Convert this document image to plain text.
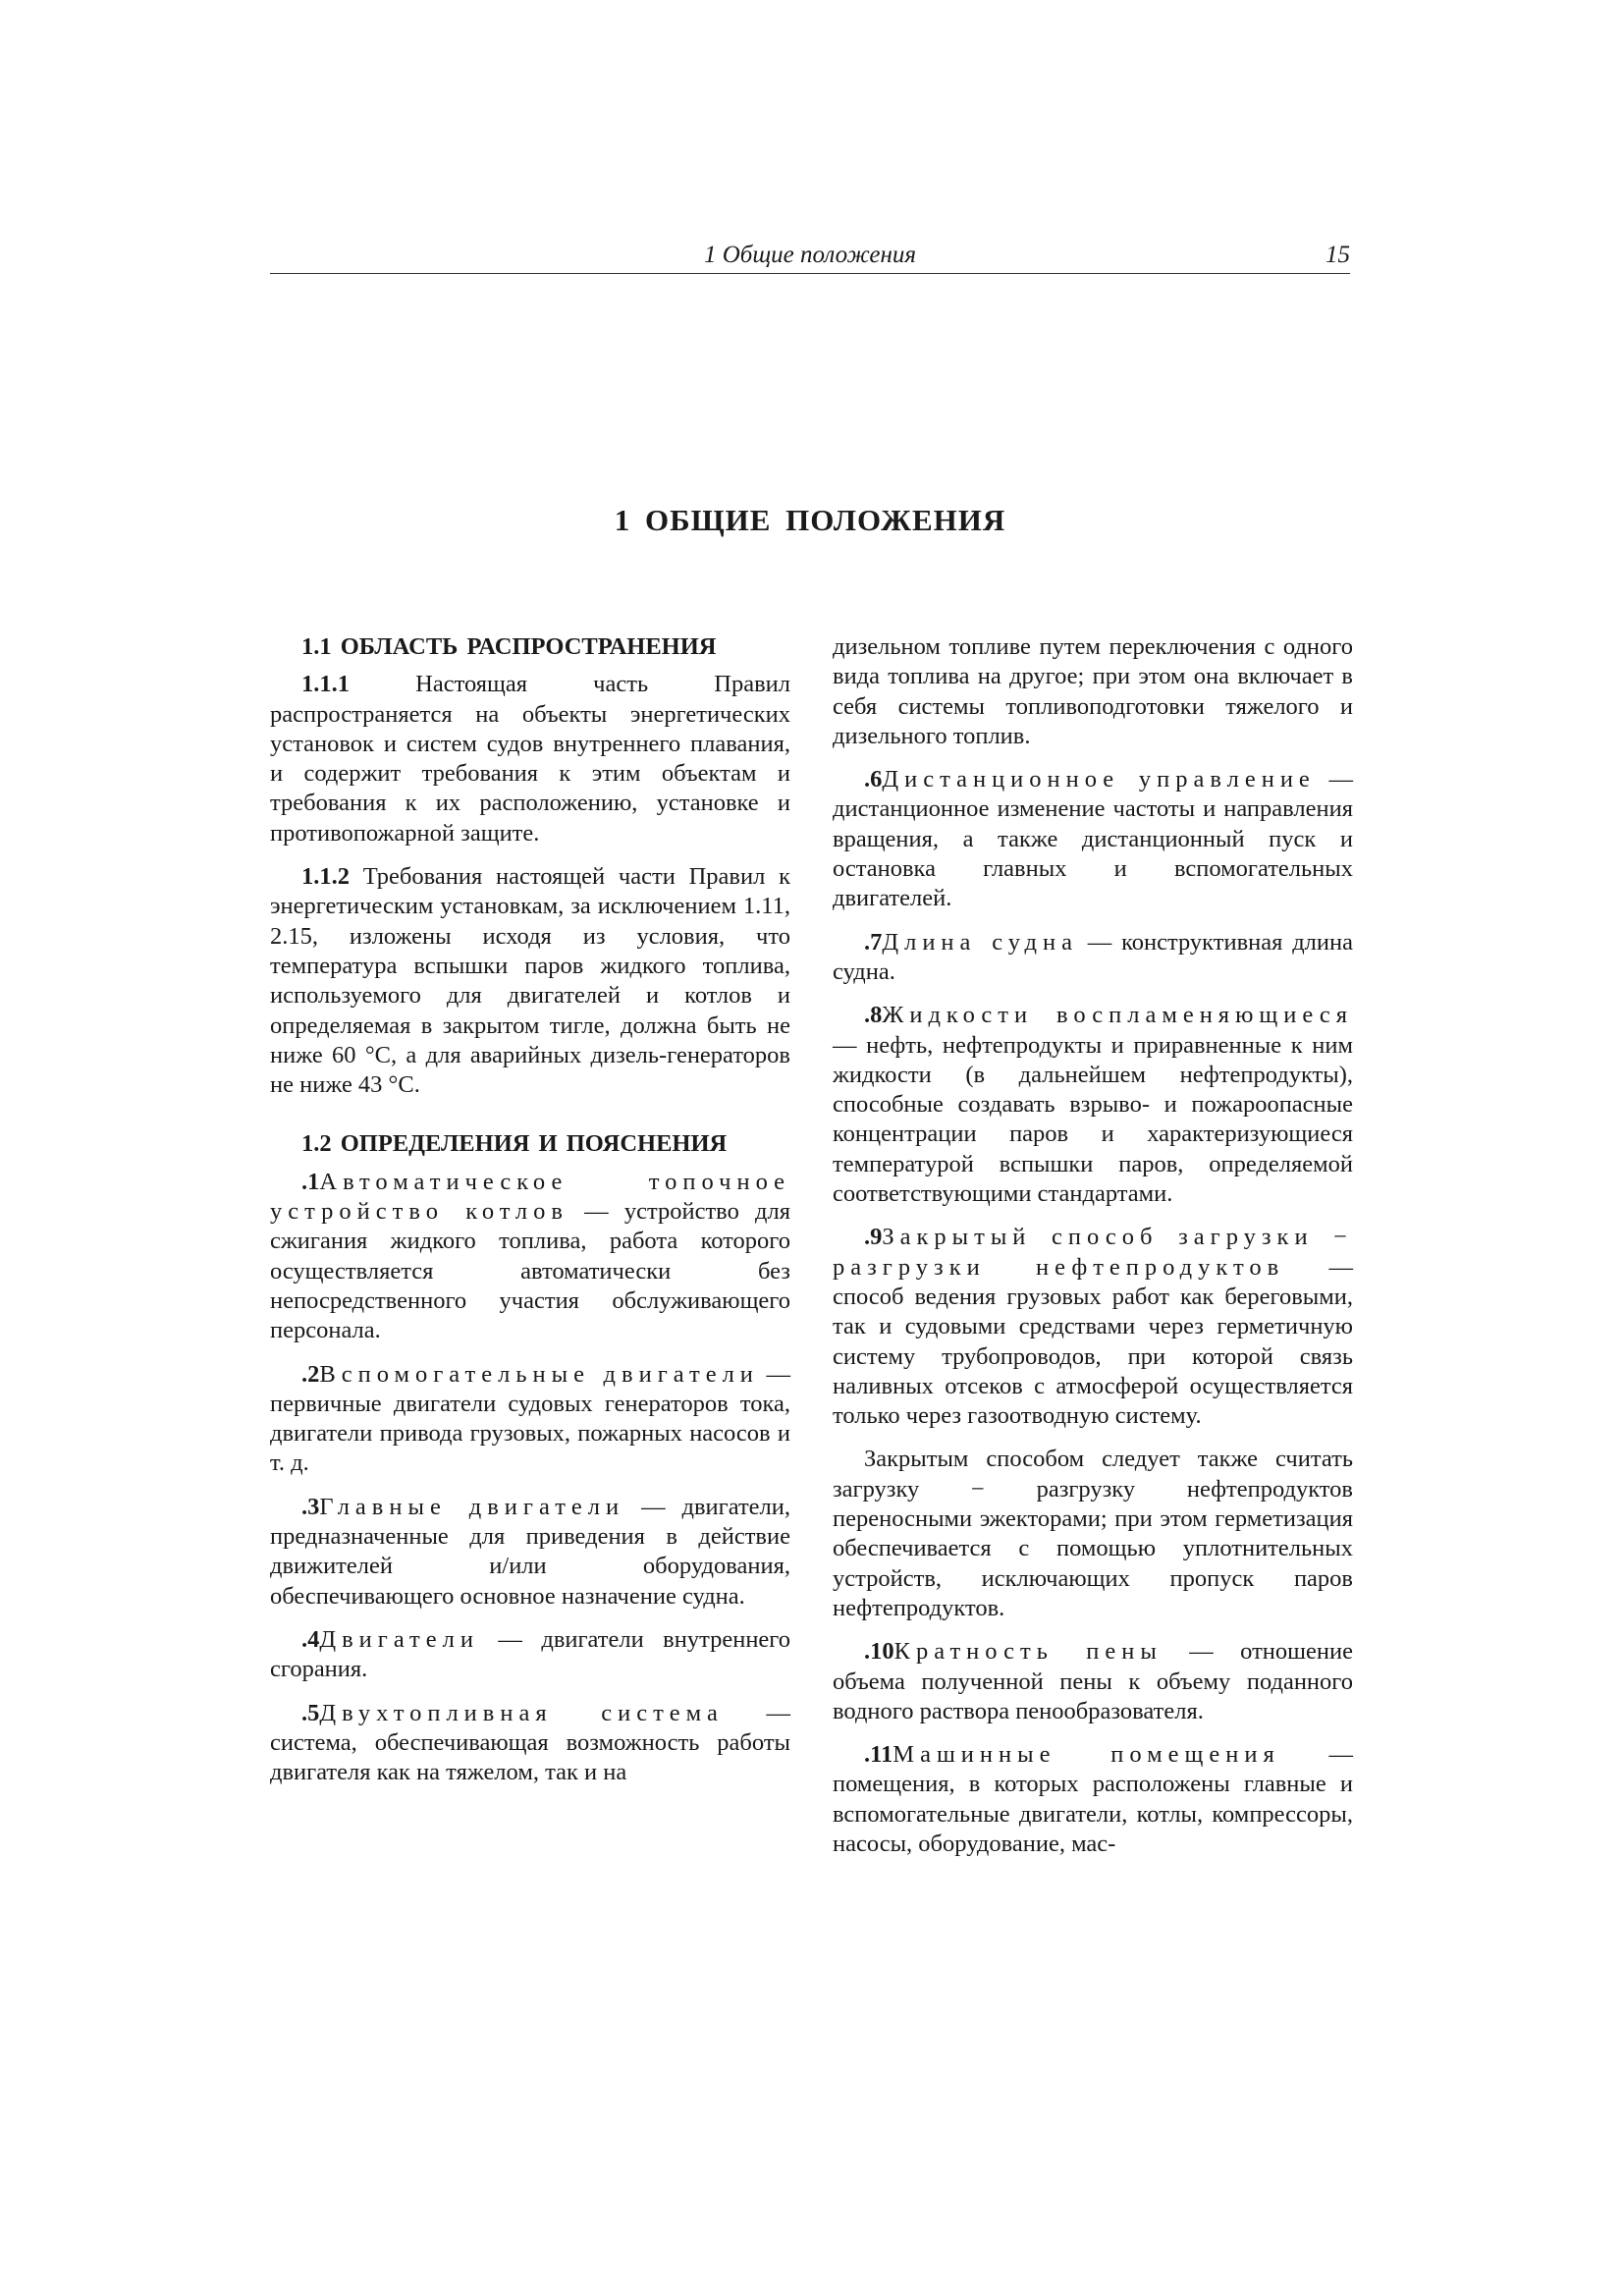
1 Общие положения	15
1 ОБЩИЕ ПОЛОЖЕНИЯ
1.1 ОБЛАСТЬ РАСПРОСТРАНЕНИЯ

1.1.1 Настоящая часть Правил распространяется на объекты энергетических установок и систем судов внутреннего плавания, и содержит требования к этим объектам и требования к их расположению, установке и противопожарной защите.

1.1.2 Требования настоящей части Правил к энергетическим установкам, за исключением 1.11, 2.15, изложены исходя из условия, что температура вспышки паров жидкого топлива, используемого для двигателей и котлов и определяемая в закрытом тигле, должна быть не ниже 60 °С, а для аварийных дизель-генераторов не ниже 43 °С.

1.2 ОПРЕДЕЛЕНИЯ И ПОЯСНЕНИЯ

.1Автоматическое топочное устройство котлов — устройство для сжигания жидкого топлива, работа которого осуществляется автоматически без непосредственного участия обслуживающего персонала.

.2Вспомогательные двигатели — первичные двигатели судовых генераторов тока, двигатели привода грузовых, пожарных насосов и т. д.

.3Главные двигатели — двигатели, предназначенные для приведения в действие движителей и/или оборудования, обеспечивающего основное назначение судна.

.4Двигатели — двигатели внутреннего сгорания.

.5Двухтопливная система — система, обеспечивающая возможность работы двигателя как на тяжелом, так и на

дизельном топливе путем переключения с одного вида топлива на другое; при этом она включает в себя системы топливоподготовки тяжелого и дизельного топлив.

.6Дистанционное управление — дистанционное изменение частоты и направления вращения, а также дистанционный пуск и остановка главных и вспомогательных двигателей.

.7Длина судна — конструктивная длина судна.

.8Жидкости воспламеняющиеся — нефть, нефтепродукты и приравненные к ним жидкости (в дальнейшем нефтепродукты), способные создавать взрыво- и пожароопасные концентрации паров и характеризующиеся температурой вспышки паров, определяемой соответствующими стандартами.

.9Закрытый способ загрузки − разгрузки нефтепродуктов — способ ведения грузовых работ как береговыми, так и судовыми средствами через герметичную систему трубопроводов, при которой связь наливных отсеков с атмосферой осуществляется только через газоотводную систему.

Закрытым способом следует также считать загрузку − разгрузку нефтепродуктов переносными эжекторами; при этом герметизация обеспечивается с помощью уплотнительных устройств, исключающих пропуск паров нефтепродуктов.

.10Кратность пены — отношение объема полученной пены к объему поданного водного раствора пенообразователя.

.11Машинные помещения — помещения, в которых расположены главные и вспомогательные двигатели, котлы, компрессоры, насосы, оборудование, мас-
